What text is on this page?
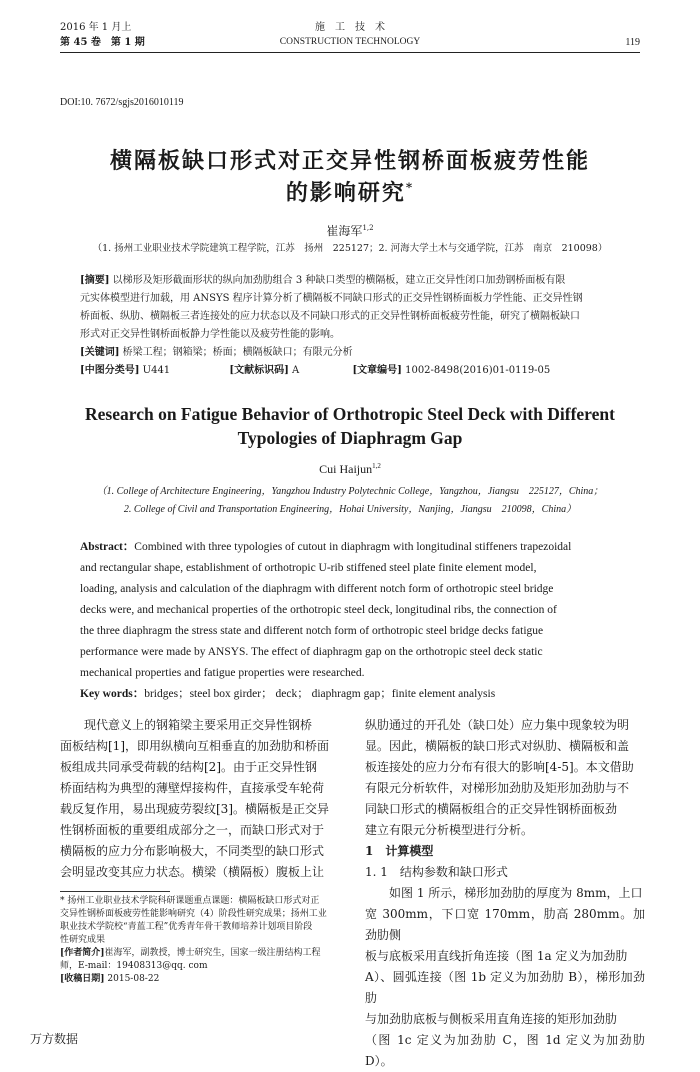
2016 年 1 月上
第 45 卷　第 1 期
施　工　技　术
CONSTRUCTION TECHNOLOGY	119
DOI:10. 7672/sgjs2016010119
横隔板缺口形式对正交异性钢桥面板疲劳性能
的影响研究*
崔海军$^{1,2}$
（1. 扬州工业职业技术学院建筑工程学院，江苏　扬州　225127；2. 河海大学土木与交通学院，江苏　南京　210098）
[摘要] 以梯形及矩形截面形状的纵向加劲肋组合 3 种缺口类型的横隔板，建立正交异性闭口加劲钢桥面板有限
元实体模型进行加载，用 ANSYS 程序计算分析了横隔板不同缺口形式的正交异性钢桥面板力学性能、正交异性钢
桥面板、纵肋、横隔板三者连接处的应力状态以及不同缺口形式的正交异性钢桥面板疲劳性能，研究了横隔板缺口
形式对正交异性钢桥面板静力学性能以及疲劳性能的影响。
[关键词] 桥梁工程；钢箱梁；桥面；横隔板缺口；有限元分析
[中图分类号] U441	[文献标识码] A	[文章编号] 1002-8498(2016)01-0119-05
Research on Fatigue Behavior of Orthotropic Steel Deck with Different
Typologies of Diaphragm Gap
Cui Haijun$^{1,2}$
（1. College of Architecture Engineering，Yangzhou Industry Polytechnic College，Yangzhou，Jiangsu　225127，China；
2. College of Civil and Transportation Engineering，Hohai University，Nanjing，Jiangsu　210098，China）
Abstract：Combined with three typologies of cutout in diaphragm with longitudinal stiffeners trapezoidal
and rectangular shape, establishment of orthotropic U-rib stiffened steel plate finite element model,
loading, analysis and calculation of the diaphragm with different notch form of orthotropic steel bridge
decks were, and mechanical properties of the orthotropic steel deck, longitudinal ribs, the connection of
the three diaphragm the stress state and different notch form of orthotropic steel bridge decks fatigue
performance were made by ANSYS. The effect of diaphragm gap on the orthotropic steel deck static
mechanical properties and fatigue properties were researched.
Key words：bridges；steel box girder； deck； diaphragm gap；finite element analysis
现代意义上的钢箱梁主要采用正交异性钢桥
面板结构[1]，即用纵横向互相垂直的加劲肋和桥面
板组成共同承受荷载的结构[2]。由于正交异性钢
桥面结构为典型的薄壁焊接构件，直接承受车轮荷
载反复作用，易出现疲劳裂纹[3]。横隔板是正交异
性钢桥面板的重要组成部分之一，而缺口形式对于
横隔板的应力分布影响极大，不同类型的缺口形式
会明显改变其应力状态。横梁（横隔板）腹板上让
* 扬州工业职业技术学院科研课题重点课题：横隔板缺口形式对正
交异性钢桥面板疲劳性能影响研究（4）阶段性研究成果；扬州工业
职业技术学院校“青蓝工程”优秀青年骨干教师培养计划项目阶段
性研究成果
[作者简介]崔海军，副教授，博士研究生，国家一级注册结构工程
师，E-mail：19408313@qq. com
[收稿日期] 2015-08-22
纵肋通过的开孔处（缺口处）应力集中现象较为明
显。因此，横隔板的缺口形式对纵肋、横隔板和盖
板连接处的应力分布有很大的影响[4-5]。本文借助
有限元分析软件，对梯形加劲肋及矩形加劲肋与不
同缺口形式的横隔板组合的正交异性钢桥面板劲
建立有限元分析模型进行分析。
1　计算模型
1. 1　结构参数和缺口形式
如图 1 所示，梯形加劲肋的厚度为 8mm，上口
宽 300mm，下口宽 170mm，肋高 280mm。加劲肋侧
板与底板采用直线折角连接（图 1a 定义为加劲肋
A）、圆弧连接（图 1b 定义为加劲肋 B），梯形加劲肋
与加劲肋底板与侧板采用直角连接的矩形加劲肋
（图 1c 定义为加劲肋 C，图 1d 定义为加劲肋 D）。
万方数据
